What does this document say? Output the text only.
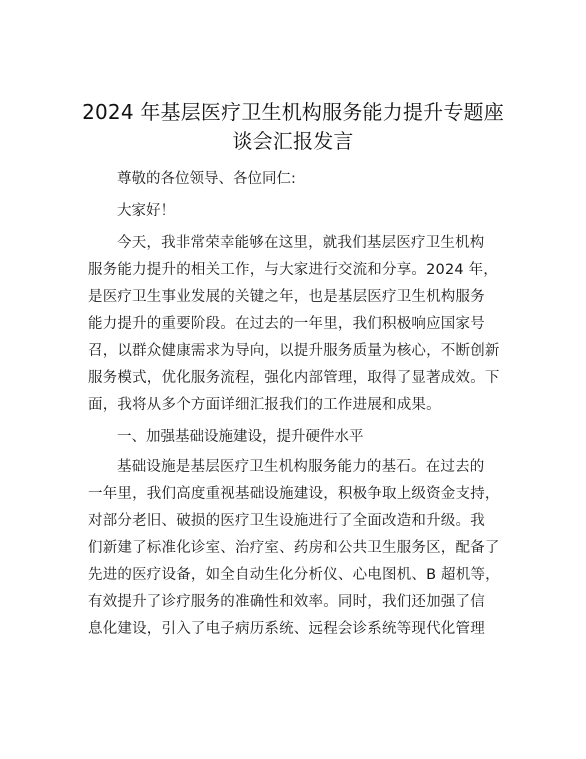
2024 年基层医疗卫生机构服务能力提升专题座
谈会汇报发言

尊敬的各位领导、各位同仁:

大家好！

今天，我非常荣幸能够在这里，就我们基层医疗卫生机构
服务能力提升的相关工作，与大家进行交流和分享。2024 年，
是医疗卫生事业发展的关键之年，也是基层医疗卫生机构服务
能力提升的重要阶段。在过去的一年里，我们积极响应国家号
召，以群众健康需求为导向，以提升服务质量为核心，不断创新
服务模式，优化服务流程，强化内部管理，取得了显著成效。下
面，我将从多个方面详细汇报我们的工作进展和成果。

一、加强基础设施建设，提升硬件水平

基础设施是基层医疗卫生机构服务能力的基石。在过去的
一年里，我们高度重视基础设施建设，积极争取上级资金支持，
对部分老旧、破损的医疗卫生设施进行了全面改造和升级。我
们新建了标准化诊室、治疗室、药房和公共卫生服务区，配备了
先进的医疗设备，如全自动生化分析仪、心电图机、B 超机等，
有效提升了诊疗服务的准确性和效率。同时，我们还加强了信
息化建设，引入了电子病历系统、远程会诊系统等现代化管理
